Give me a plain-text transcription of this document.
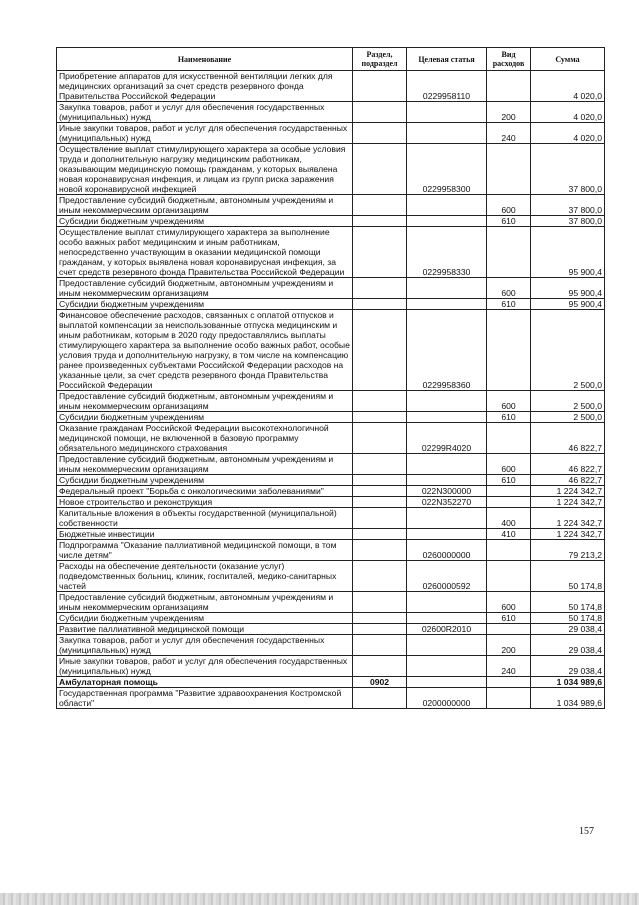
Наименование	Раздел, подраздел	Целевая статья	Вид расходов	Сумма
Приобретение аппаратов для искусственной вентиляции легких для медицинских организаций за счет средств резервного фонда Правительства Российской Федерации		0229958110		4 020,0
Закупка товаров, работ и услуг для обеспечения государственных (муниципальных) нужд			200	4 020,0
Иные закупки товаров, работ и услуг для обеспечения государственных (муниципальных) нужд			240	4 020,0
Осуществление выплат стимулирующего характера за особые условия труда и дополнительную нагрузку медицинским работникам, оказывающим медицинскую помощь гражданам, у которых выявлена новая коронавирусная инфекция, и лицам из групп риска заражения новой коронавирусной инфекцией		0229958300		37 800,0
Предоставление субсидий бюджетным, автономным учреждениям и иным некоммерческим организациям			600	37 800,0
Субсидии бюджетным учреждениям			610	37 800,0
Осуществление выплат стимулирующего характера за выполнение особо важных работ медицинским и иным работникам, непосредственно участвующим в оказании медицинской помощи гражданам, у которых выявлена новая коронавирусная инфекция, за счет средств резервного фонда Правительства Российской Федерации		0229958330		95 900,4
Предоставление субсидий бюджетным, автономным учреждениям и иным некоммерческим организациям			600	95 900,4
Субсидии бюджетным учреждениям			610	95 900,4
Финансовое обеспечение расходов, связанных с оплатой отпусков и выплатой компенсации за неиспользованные отпуска медицинским и иным работникам, которым в 2020 году предоставлялись выплаты стимулирующего характера за выполнение особо важных работ, особые условия труда и дополнительную нагрузку, в том числе на компенсацию ранее произведенных субъектами Российской Федерации расходов на указанные цели, за счет средств резервного фонда Правительства Российской Федерации		0229958360		2 500,0
Предоставление субсидий бюджетным, автономным учреждениям и иным некоммерческим организациям			600	2 500,0
Субсидии бюджетным учреждениям			610	2 500,0
Оказание гражданам Российской Федерации высокотехнологичной медицинской помощи, не включенной в базовую программу обязательного медицинского страхования		02299R4020		46 822,7
Предоставление субсидий бюджетным, автономным учреждениям и иным некоммерческим организациям			600	46 822,7
Субсидии бюджетным учреждениям			610	46 822,7
Федеральный проект "Борьба с онкологическими заболеваниями"		022N300000		1 224 342,7
Новое строительство и реконструкция		022N352270		1 224 342,7
Капитальные вложения в объекты государственной (муниципальной) собственности			400	1 224 342,7
Бюджетные инвестиции			410	1 224 342,7
Подпрограмма "Оказание паллиативной медицинской помощи, в том числе детям"		0260000000		79 213,2
Расходы на обеспечение деятельности (оказание услуг) подведомственных больниц, клиник, госпиталей, медико-санитарных частей		0260000592		50 174,8
Предоставление субсидий бюджетным, автономным учреждениям и иным некоммерческим организациям			600	50 174,8
Субсидии бюджетным учреждениям			610	50 174,8
Развитие паллиативной медицинской помощи		02600R2010		29 038,4
Закупка товаров, работ и услуг для обеспечения государственных (муниципальных) нужд			200	29 038,4
Иные закупки товаров, работ и услуг для обеспечения государственных (муниципальных) нужд			240	29 038,4
Амбулаторная помощь	0902			1 034 989,6
Государственная программа "Развитие здравоохранения Костромской области"		0200000000		1 034 989,6
157
